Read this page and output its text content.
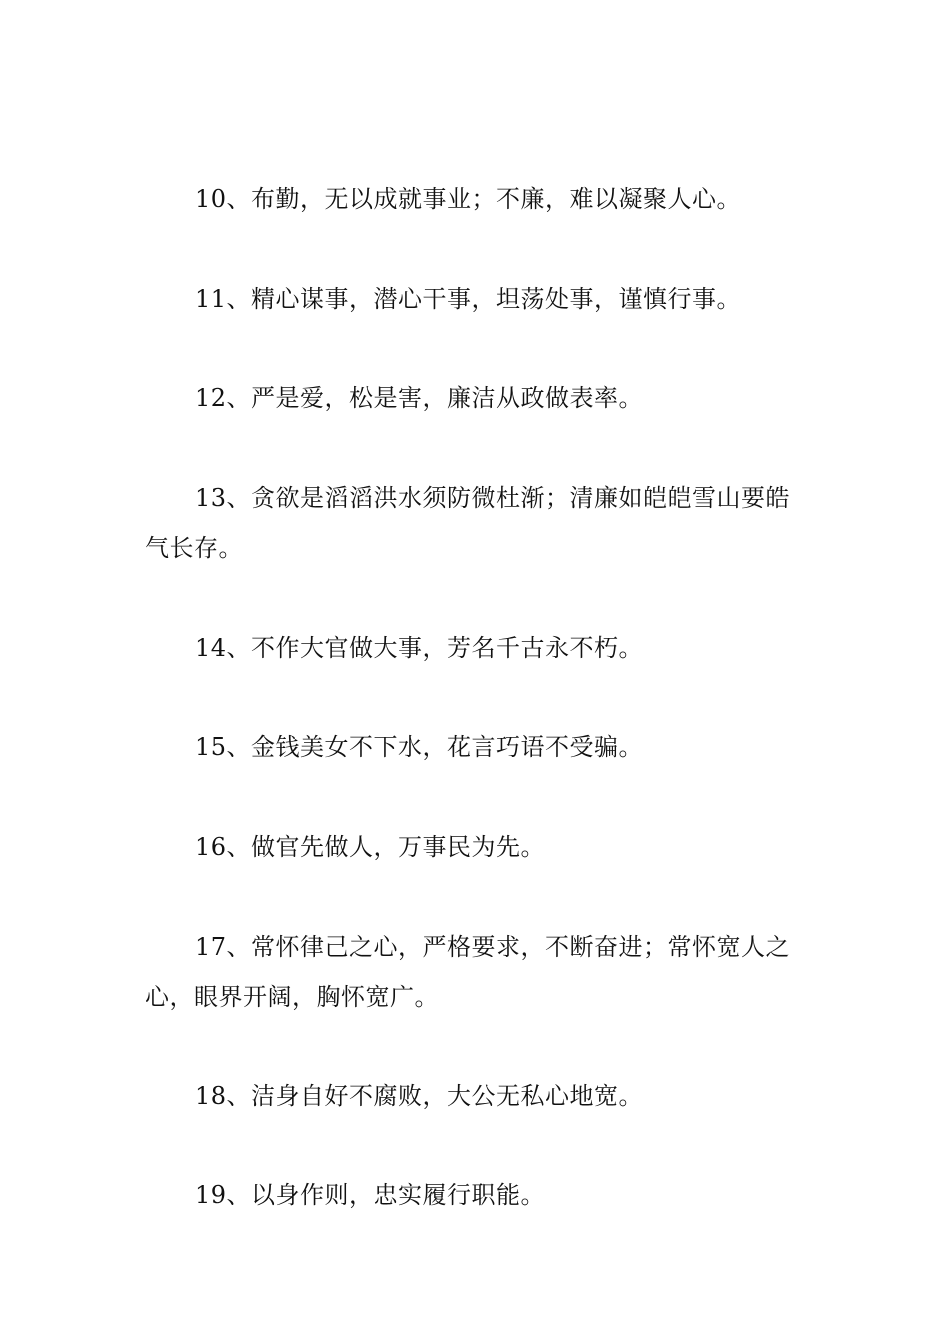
10、布勤，无以成就事业；不廉，难以凝聚人心。

11、精心谋事，潜心干事，坦荡处事，谨慎行事。

12、严是爱，松是害，廉洁从政做表率。

13、贪欲是滔滔洪水须防微杜渐；清廉如皑皑雪山要皓气长存。

14、不作大官做大事，芳名千古永不朽。

15、金钱美女不下水，花言巧语不受骗。

16、做官先做人，万事民为先。

17、常怀律己之心，严格要求，不断奋进；常怀宽人之心，眼界开阔，胸怀宽广。

18、洁身自好不腐败，大公无私心地宽。

19、以身作则，忠实履行职能。
